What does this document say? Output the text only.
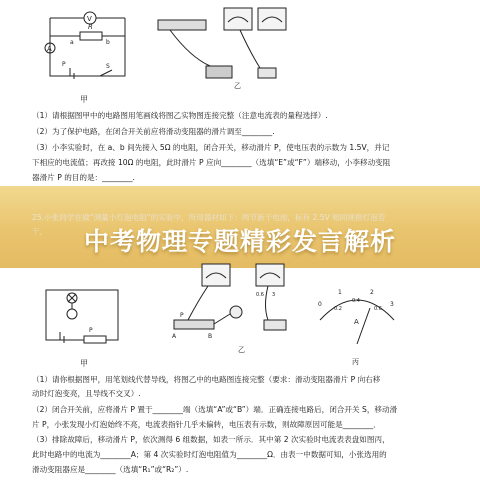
V
A
R
a	b
P	S
甲
乙
（1）请根据图甲中的电路图用笔画线将图乙实物图连接完整（注意电流表的量程选择）.
（2）为了保护电路，在闭合开关前应将滑动变阻器的滑片调至________.
（3）小李实验时，在 a、b 间先接入 5Ω 的电阻，闭合开关，移动滑片 P，使电压表的示数为 1.5V，并记
下相应的电流值；再改接 10Ω 的电阻，此时滑片 P 应向________（选填“E”或“F”）端移动，小李移动变阻
器滑片 P 的目的是：________.
25.小张同学在做“测量小灯泡电阻”的实验中，所用器材如下：两节新干电池，标有 2.5V 相同规格灯泡若
干，	中考物理专题精彩发言解析
P
甲
A	B
P
0.6 3
乙
0
1	2
3
0.2
0.4
0.6
A
丙
（1）请你根据图甲，用笔划线代替导线，将图乙中的电路图连接完整（要求：滑动变阻器滑片 P 向右移
动时灯泡变亮，且导线不交叉）.
（2）闭合开关前，应将滑片 P 置于________端（选填“A”或“B”）端．正确连接电路后，闭合开关 S，移动滑
片 P，小张发现小灯泡始终不亮，电流表指针几乎未偏转，电压表有示数，则故障原因可能是________．
（3）排除故障后，移动滑片 P，依次测得 6 组数据，如表一所示．其中第 2 次实验时电流表表盘如图丙，
此时电路中的电流为________A；第 4 次实验时灯泡电阻值为________Ω．由表一中数据可知，小张选用的
滑动变阻器应是________（选填“R₁”或“R₂”）.
